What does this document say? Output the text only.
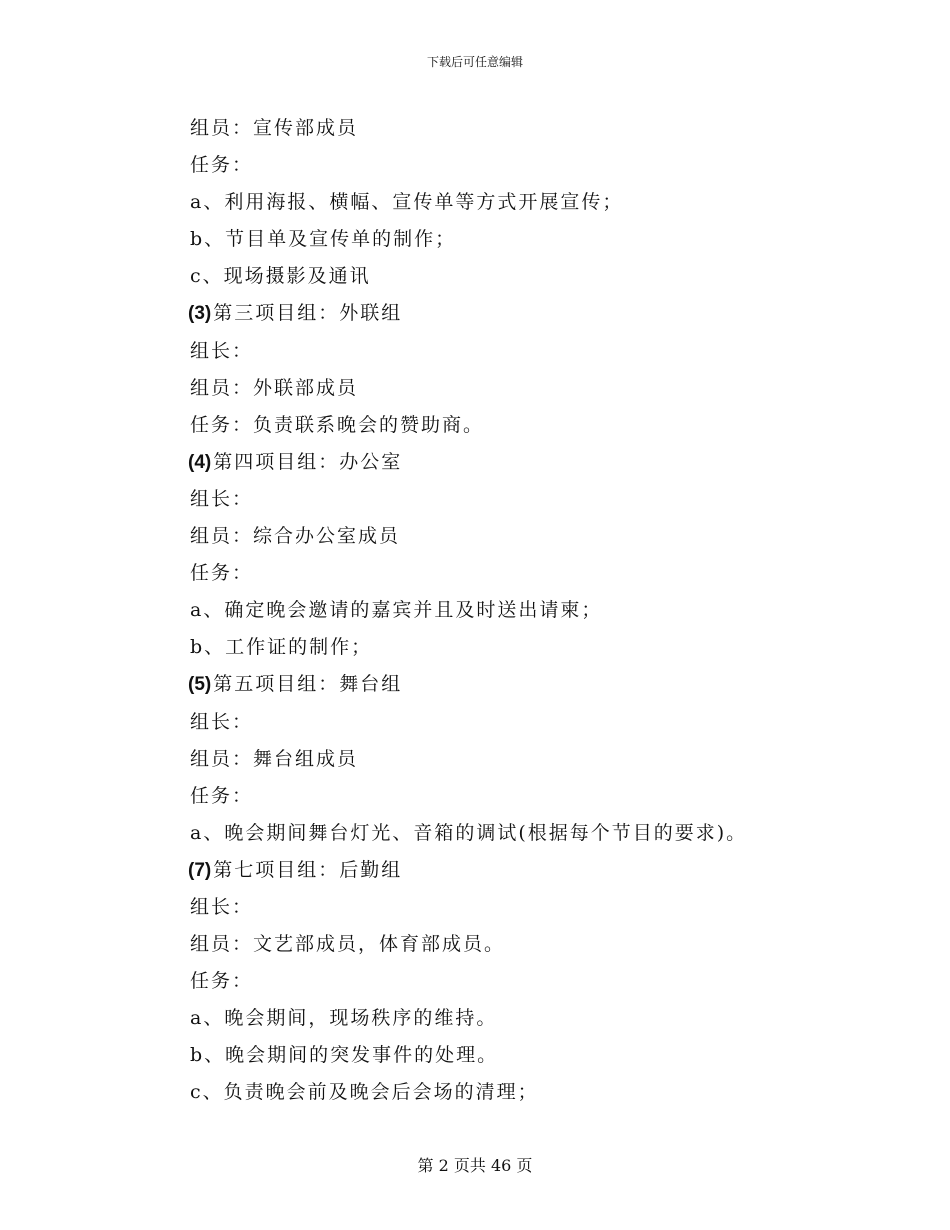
下载后可任意编辑
组员：宣传部成员
任务：
a、利用海报、横幅、宣传单等方式开展宣传；
b、节目单及宣传单的制作；
c、现场摄影及通讯
(3) 第三项目组：外联组
组长：
组员：外联部成员
任务：负责联系晚会的赞助商。
(4) 第四项目组：办公室
组长：
组员：综合办公室成员
任务：
a、确定晚会邀请的嘉宾并且及时送出请柬；
b、工作证的制作；
(5) 第五项目组：舞台组
组长：
组员：舞台组成员
任务：
a、晚会期间舞台灯光、音箱的调试(根据每个节目的要求)。
(7) 第七项目组：后勤组
组长：
组员：文艺部成员，体育部成员。
任务：
a、晚会期间，现场秩序的维持。
b、晚会期间的突发事件的处理。
c、负责晚会前及晚会后会场的清理；
第 2 页共 46 页
